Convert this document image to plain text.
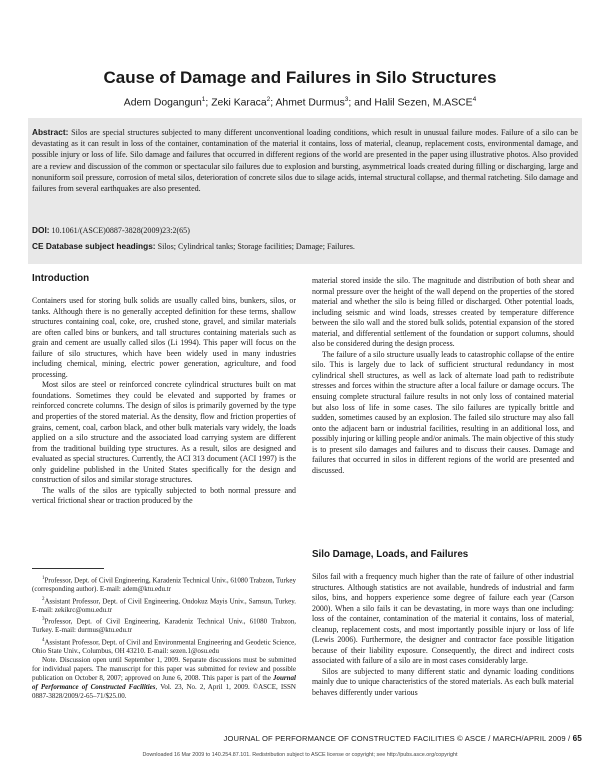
Cause of Damage and Failures in Silo Structures
Adem Dogangun$^1$; Zeki Karaca$^2$; Ahmet Durmus$^3$; and Halil Sezen, M.ASCE$^4$
Abstract: Silos are special structures subjected to many different unconventional loading conditions, which result in unusual failure modes. Failure of a silo can be devastating as it can result in loss of the container, contamination of the material it contains, loss of material, cleanup, replacement costs, environmental damage, and possible injury or loss of life. Silo damage and failures that occurred in different regions of the world are presented in the paper using illustrative photos. Also provided are a review and discussion of the common or spectacular silo failures due to explosion and bursting, asymmetrical loads created during filling or discharging, large and nonuniform soil pressure, corrosion of metal silos, deterioration of concrete silos due to silage acids, internal structural collapse, and thermal ratcheting. Silo damage and failures from several earthquakes are also presented.
DOI: 10.1061/(ASCE)0887-3828(2009)23:2(65)
CE Database subject headings: Silos; Cylindrical tanks; Storage facilities; Damage; Failures.
Introduction

Containers used for storing bulk solids are usually called bins, bunkers, silos, or tanks. Although there is no generally accepted definition for these terms, shallow structures containing coal, coke, ore, crushed stone, gravel, and similar materials are often called bins or bunkers, and tall structures containing materials such as grain and cement are usually called silos (Li 1994). This paper will focus on the failure of silo structures, which have been widely used in many industries including chemical, mining, electric power generation, agriculture, and food processing.

Most silos are steel or reinforced concrete cylindrical structures built on mat foundations. Sometimes they could be elevated and supported by frames or reinforced concrete columns. The design of silos is primarily governed by the type and properties of the stored material. As the density, flow and friction properties of grains, cement, coal, carbon black, and other bulk materials vary widely, the loads applied on a silo structure and the associated load carrying system are different from the traditional building type structures. As a result, silos are designed and evaluated as special structures. Currently, the ACI 313 document (ACI 1997) is the only guideline published in the United States specifically for the design and construction of silos and similar storage structures.

The walls of the silos are typically subjected to both normal pressure and vertical frictional shear or traction produced by the

$^1$Professor, Dept. of Civil Engineering, Karadeniz Technical Univ., 61080 Trabzon, Turkey (corresponding author). E-mail: adem@ktu.edu.tr

$^2$Assistant Professor, Dept. of Civil Engineering, Ondokuz Mayis Univ., Samsun, Turkey. E-mail: zekikrc@omu.edu.tr

$^3$Professor, Dept. of Civil Engineering, Karadeniz Technical Univ., 61080 Trabzon, Turkey. E-mail: durmus@ktu.edu.tr

$^4$Assistant Professor, Dept. of Civil and Environmental Engineering and Geodetic Science, Ohio State Univ., Columbus, OH 43210. E-mail: sezen.1@osu.edu

Note. Discussion open until September 1, 2009. Separate discussions must be submitted for individual papers. The manuscript for this paper was submitted for review and possible publication on October 8, 2007; approved on June 6, 2008. This paper is part of the Journal of Performance of Constructed Facilities, Vol. 23, No. 2, April 1, 2009. ©ASCE, ISSN 0887-3828/2009/2-65–71/$25.00.

material stored inside the silo. The magnitude and distribution of both shear and normal pressure over the height of the wall depend on the properties of the stored material and whether the silo is being filled or discharged. Other potential loads, including seismic and wind loads, stresses created by temperature difference between the silo wall and the stored bulk solids, potential expansion of the stored material, and differential settlement of the foundation or support columns, should also be considered during the design process.

The failure of a silo structure usually leads to catastrophic collapse of the entire silo. This is largely due to lack of sufficient structural redundancy in most cylindrical shell structures, as well as lack of alternate load path to redistribute stresses and forces within the structure after a local failure or damage occurs. The ensuing complete structural failure results in not only loss of contained material but also loss of life in some cases. The silo failures are typically brittle and sudden, sometimes caused by an explosion. The failed silo structure may also fall onto the adjacent barn or industrial facilities, resulting in an additional loss, and possibly injuring or killing people and/or animals. The main objective of this study is to present silo damages and failures and to discuss their causes. Damage and failures that occurred in silos in different regions of the world are presented and discussed.

Silo Damage, Loads, and Failures

Silos fail with a frequency much higher than the rate of failure of other industrial structures. Although statistics are not available, hundreds of industrial and farm silos, bins, and hoppers experience some degree of failure each year (Carson 2000). When a silo fails it can be devastating, in more ways than one including: loss of the container, contamination of the material it contains, loss of material, cleanup, replacement costs, and most importantly possible injury or loss of life (Lewis 2006). Furthermore, the designer and contractor face possible litigation because of their liability exposure. Consequently, the direct and indirect costs associated with failure of a silo are in most cases considerably large.

Silos are subjected to many different static and dynamic loading conditions mainly due to unique characteristics of the stored materials. As each bulk material behaves differently under various

JOURNAL OF PERFORMANCE OF CONSTRUCTED FACILITIES © ASCE / MARCH/APRIL 2009 / 65
Downloaded 16 Mar 2009 to 140.254.87.101. Redistribution subject to ASCE license or copyright; see http://pubs.asce.org/copyright
